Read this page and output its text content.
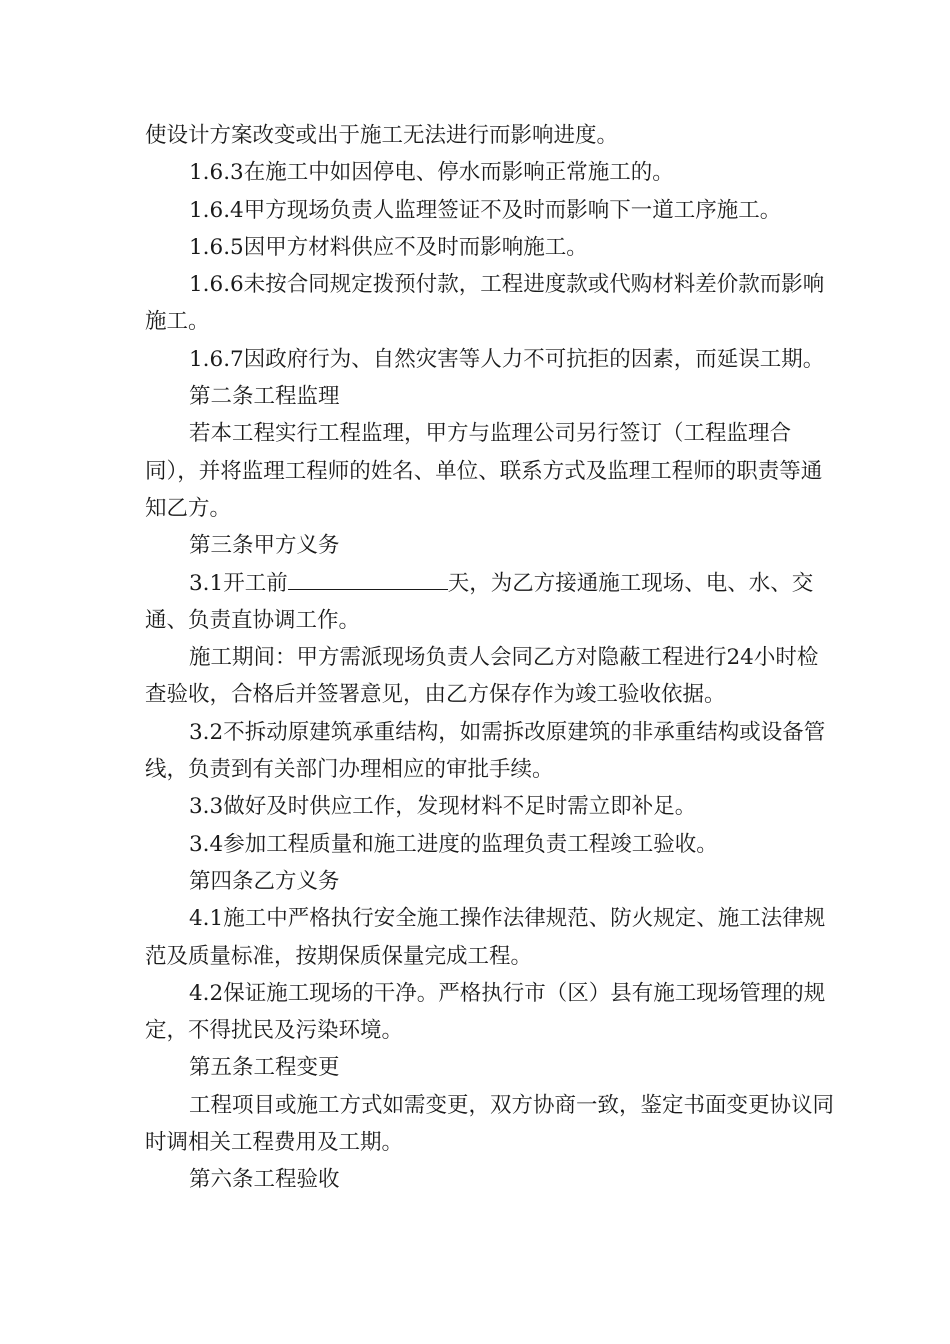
使设计方案改变或出于施工无法进行而影响进度。

1.6.3在施工中如因停电、停水而影响正常施工的。

1.6.4甲方现场负责人监理签证不及时而影响下一道工序施工。

1.6.5因甲方材料供应不及时而影响施工。

1.6.6未按合同规定拨预付款，工程进度款或代购材料差价款而影响施工。

1.6.7因政府行为、自然灾害等人力不可抗拒的因素，而延误工期。

第二条工程监理

若本工程实行工程监理，甲方与监理公司另行签订（工程监理合同），并将监理工程师的姓名、单位、联系方式及监理工程师的职责等通知乙方。

第三条甲方义务

3.1开工前	天，为乙方接通施工现场、电、水、交通、负责直协调工作。

施工期间：甲方需派现场负责人会同乙方对隐蔽工程进行24小时检查验收，合格后并签署意见，由乙方保存作为竣工验收依据。

3.2不拆动原建筑承重结构，如需拆改原建筑的非承重结构或设备管线，负责到有关部门办理相应的审批手续。

3.3做好及时供应工作，发现材料不足时需立即补足。

3.4参加工程质量和施工进度的监理负责工程竣工验收。

第四条乙方义务

4.1施工中严格执行安全施工操作法律规范、防火规定、施工法律规范及质量标准，按期保质保量完成工程。

4.2保证施工现场的干净。严格执行市（区）县有施工现场管理的规定，不得扰民及污染环境。

第五条工程变更

工程项目或施工方式如需变更，双方协商一致，鉴定书面变更协议同时调相关工程费用及工期。

第六条工程验收
